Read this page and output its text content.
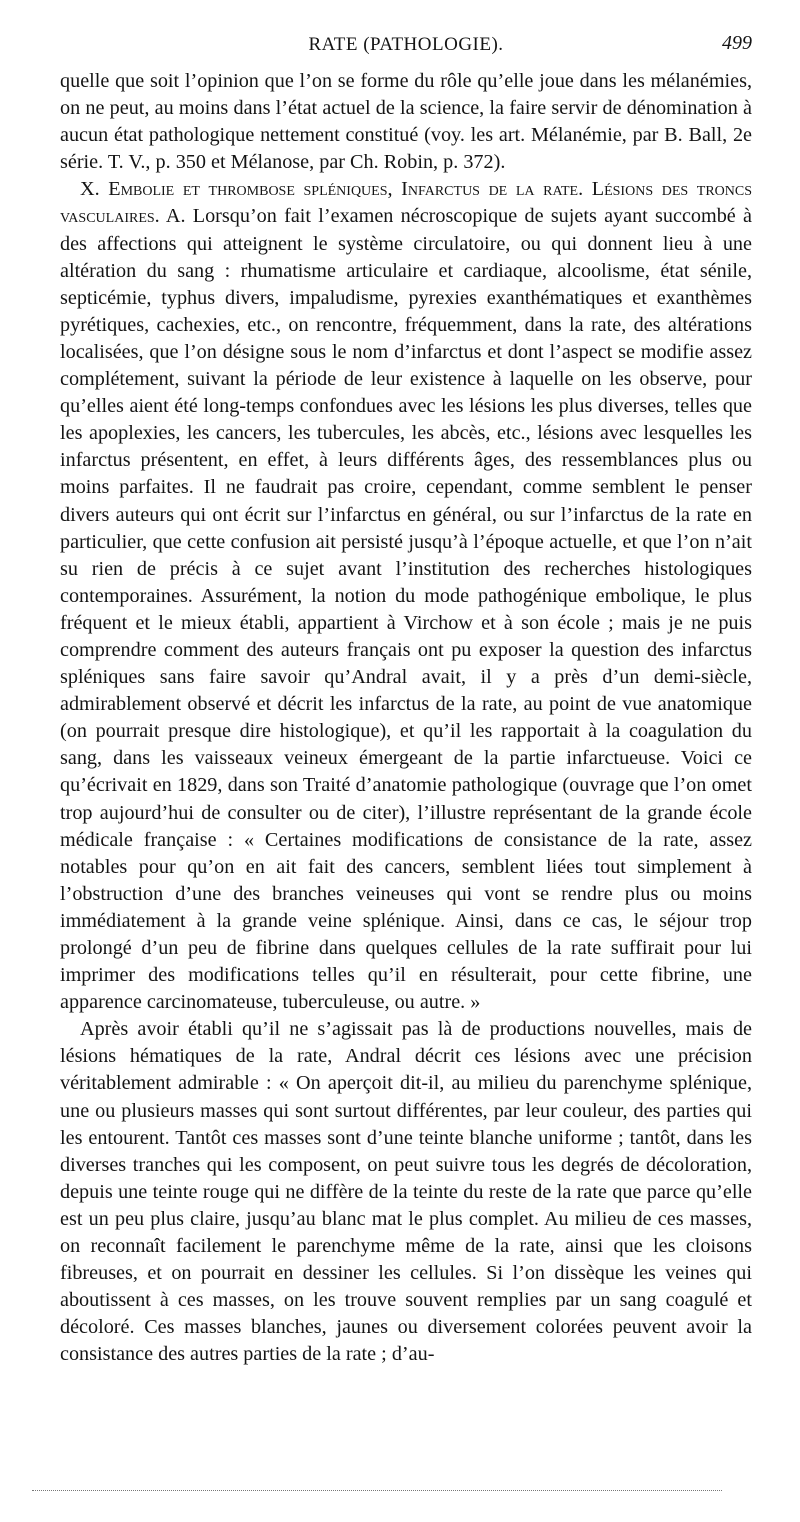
RATE (PATHOLOGIE).	499

quelle que soit l’opinion que l’on se forme du rôle qu’elle joue dans les mélanémies, on ne peut, au moins dans l’état actuel de la science, la faire servir de dénomination à aucun état pathologique nettement constitué (voy. les art. Mélanémie, par B. Ball, 2e série. T. V., p. 350 et Mélanose, par Ch. Robin, p. 372).

X. Embolie et thrombose spléniques, Infarctus de la rate. Lésions des troncs vasculaires. A. Lorsqu’on fait l’examen nécroscopique de sujets ayant succombé à des affections qui atteignent le système circulatoire, ou qui donnent lieu à une altération du sang : rhumatisme articulaire et cardiaque, alcoolisme, état sénile, septicémie, typhus divers, impaludisme, pyrexies exanthématiques et exanthèmes pyrétiques, cachexies, etc., on rencontre, fréquemment, dans la rate, des altérations localisées, que l’on désigne sous le nom d’infarctus et dont l’aspect se modifie assez complétement, suivant la période de leur existence à laquelle on les observe, pour qu’elles aient été long-temps confondues avec les lésions les plus diverses, telles que les apoplexies, les cancers, les tubercules, les abcès, etc., lésions avec lesquelles les infarctus présentent, en effet, à leurs différents âges, des ressemblances plus ou moins parfaites. Il ne faudrait pas croire, cependant, comme semblent le penser divers auteurs qui ont écrit sur l’infarctus en général, ou sur l’infarctus de la rate en particulier, que cette confusion ait persisté jusqu’à l’époque actuelle, et que l’on n’ait su rien de précis à ce sujet avant l’institution des recherches histologiques contemporaines. Assurément, la notion du mode pathogénique embolique, le plus fréquent et le mieux établi, appartient à Virchow et à son école ; mais je ne puis comprendre comment des auteurs français ont pu exposer la question des infarctus spléniques sans faire savoir qu’Andral avait, il y a près d’un demi-siècle, admirablement observé et décrit les infarctus de la rate, au point de vue anatomique (on pourrait presque dire histologique), et qu’il les rapportait à la coagulation du sang, dans les vaisseaux veineux émergeant de la partie infarctueuse. Voici ce qu’écrivait en 1829, dans son Traité d’anatomie pathologique (ouvrage que l’on omet trop aujourd’hui de consulter ou de citer), l’illustre représentant de la grande école médicale française : « Certaines modifications de consistance de la rate, assez notables pour qu’on en ait fait des cancers, semblent liées tout simplement à l’obstruction d’une des branches veineuses qui vont se rendre plus ou moins immédiatement à la grande veine splénique. Ainsi, dans ce cas, le séjour trop prolongé d’un peu de fibrine dans quelques cellules de la rate suffirait pour lui imprimer des modifications telles qu’il en résulterait, pour cette fibrine, une apparence carcinomateuse, tuberculeuse, ou autre. »

Après avoir établi qu’il ne s’agissait pas là de productions nouvelles, mais de lésions hématiques de la rate, Andral décrit ces lésions avec une précision véritablement admirable : « On aperçoit dit-il, au milieu du parenchyme splénique, une ou plusieurs masses qui sont surtout différentes, par leur couleur, des parties qui les entourent. Tantôt ces masses sont d’une teinte blanche uniforme ; tantôt, dans les diverses tranches qui les composent, on peut suivre tous les degrés de décoloration, depuis une teinte rouge qui ne diffère de la teinte du reste de la rate que parce qu’elle est un peu plus claire, jusqu’au blanc mat le plus complet. Au milieu de ces masses, on reconnaît facilement le parenchyme même de la rate, ainsi que les cloisons fibreuses, et on pourrait en dessiner les cellules. Si l’on dissèque les veines qui aboutissent à ces masses, on les trouve souvent remplies par un sang coagulé et décoloré. Ces masses blanches, jaunes ou diversement colorées peuvent avoir la consistance des autres parties de la rate ; d’au-
